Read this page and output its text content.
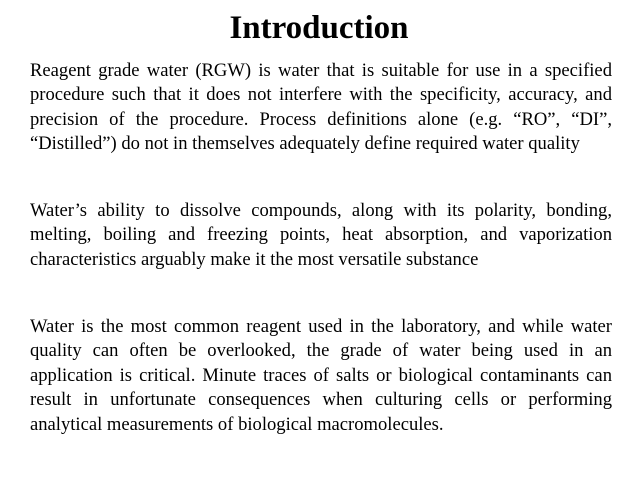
Introduction

Reagent grade water (RGW) is water that is suitable for use in a specified procedure such that it does not interfere with the specificity, accuracy, and precision of the procedure. Process definitions alone (e.g. “RO”, “DI”, “Distilled”) do not in themselves adequately define required water quality

Water’s ability to dissolve compounds, along with its polarity, bonding, melting, boiling and freezing points, heat absorption, and vaporization characteristics arguably make it the most versatile substance

Water is the most common reagent used in the laboratory, and while water quality can often be overlooked, the grade of water being used in an application is critical. Minute traces of salts or biological contaminants can result in unfortunate consequences when culturing cells or performing analytical measurements of biological macromolecules.
